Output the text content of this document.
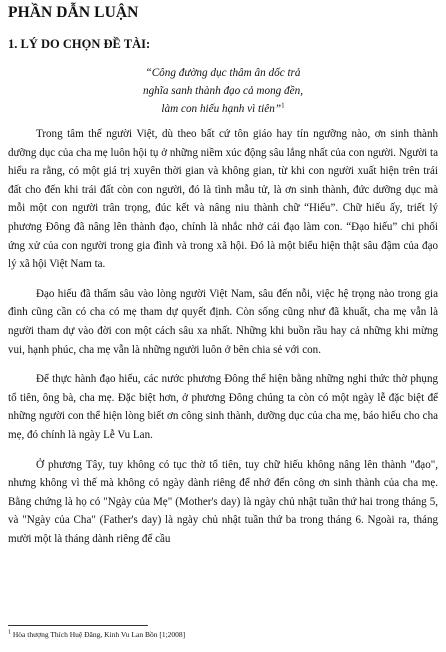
PHẦN DẪN LUẬN
1. LÝ DO CHỌN ĐỀ TÀI:
“Công đường dục thâm ân dốc trả
nghĩa sanh thành đạo cả mong đền,
làm con hiếu hạnh vì tiên”$^1$

Trong tâm thế người Việt, dù theo bất cứ tôn giáo hay tín ngưỡng nào, ơn sinh thành dưỡng dục của cha mẹ luôn hội tụ ở những niềm xúc động sâu lắng nhất của con người. Người ta hiểu ra rằng, có một giá trị xuyên thời gian và không gian, từ khi con người xuất hiện trên trái đất cho đến khi trái đất còn con người, đó là tình mẫu tử, là ơn sinh thành, đức dưỡng dục mà mỗi một con người trân trọng, đúc kết và nâng niu thành chữ “Hiếu”. Chữ hiếu ấy, triết lý phương Đông đã nâng lên thành đạo, chính là nhắc nhở cái đạo làm con. “Đạo hiếu” chi phối ứng xử của con người trong gia đình và trong xã hội. Đó là một biểu hiện thật sâu đậm của đạo lý xã hội Việt Nam ta.

Đạo hiếu đã thấm sâu vào lòng người Việt Nam, sâu đến nỗi, việc hệ trọng nào trong gia đình cũng cần có cha có mẹ tham dự quyết định. Còn sống cũng như đã khuất, cha mẹ vẫn là người tham dự vào đời con một cách sâu xa nhất. Những khi buồn rầu hay cả những khi mừng vui, hạnh phúc, cha mẹ vẫn là những người luôn ở bên chia sẻ với con.

Để thực hành đạo hiếu, các nước phương Đông thể hiện bằng những nghi thức thờ phụng tổ tiên, ông bà, cha mẹ. Đặc biệt hơn, ở phương Đông chúng ta còn có một ngày lễ đặc biệt để những người con thể hiện lòng biết ơn công sinh thành, dưỡng dục của cha mẹ, báo hiếu cho cha mẹ, đó chính là ngày Lễ Vu Lan.

Ở phương Tây, tuy không có tục thờ tổ tiên, tuy chữ hiếu không nâng lên thành "đạo", nhưng không vì thế mà không có ngày dành riêng để nhớ đến công ơn sinh thành của cha mẹ. Bằng chứng là họ có "Ngày của Mẹ" (Mother's day) là ngày chủ nhật tuần thứ hai trong tháng 5, và "Ngày của Cha" (Father's day) là ngày chủ nhật tuần thứ ba trong tháng 6. Ngoài ra, tháng mười một là tháng dành riêng để cầu

$^1$ Hòa thượng Thích Huệ Đăng, Kinh Vu Lan Bồn [1;2008]
